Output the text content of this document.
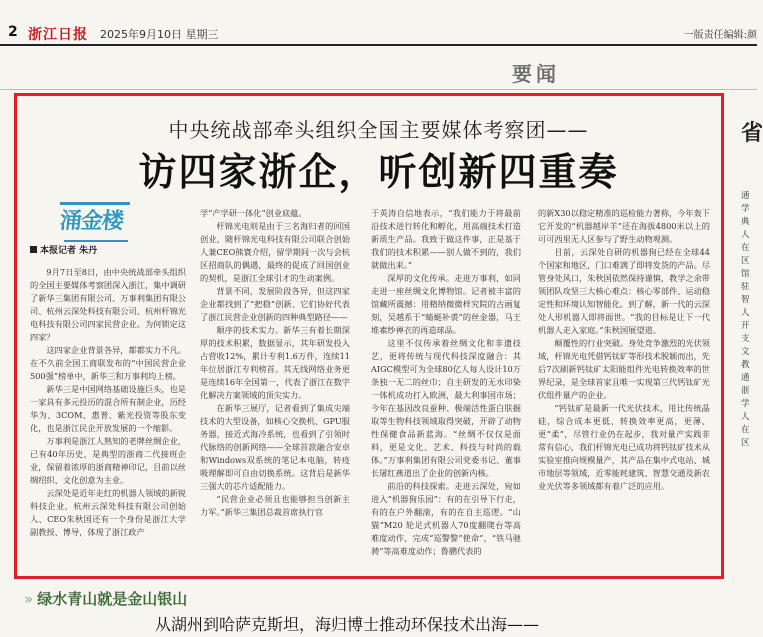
2 浙江日报 2025年9月10日 星期三	一版责任编辑:颜
要闻
中央统战部牵头组织全国主要媒体考察团——
访四家浙企，听创新四重奏
涌金楼
本报记者 朱丹

9月7日至8日，由中央统战部牵头组织的全国主要媒体考察团深入浙江，集中调研了新华三集团有限公司、万事利集团有限公司、杭州云深处科技有限公司、杭州杆锦光电科技有限公司四家民营企业。为何锁定这四家？

这四家企业背景各异，都都实力不凡。在不久前全国工商联发布的“中国民营企业500强”榜单中，新华三和万事利均上榜。

新华三是中国网络基础设施巨头，也是一家具有多元投历的混合所有制企业，历经华为、3COM、惠普、紫光投资等股东变化，也是浙江民企开放发展的一个缩影。

万事利是浙江人熟知的老牌丝绸企业，已有40年历史，是典型的浙商二代接班企业，保留着浓厚的浙商精神印记，目前以丝绸绍织、文化创意为主业。

云深处是近年走红的机器人领域的新锐科技企业，杭州云深处科技有限公司创始人、CEO朱秋国还有一个身份是浙江大学副教授、博导，体现了浙江政产

学“产学研一体化”创业底蕴。

杆锦光电则是由于三名海归者的回国创业，随杆锦光电科技有限公司联合创始人兼CEO熊寰介绍，留学期间一次与会杭区招商队的偶遇，最终的促成了回国创业的契机，是浙江全球引才的生动案例。

背景不同，发展阶段各异，但这四家企业都找到了“把稳”创新、它们协好代表了浙江民营企业创新的四种典型路径——

顺序的技术实力。新华三有着长期深厚的技术积累，数据显示，其年研发投入占营收12%，累计专利1.6万件，连续11年位居浙江专利榜首。其无线网络业务更是连续16年全国第一，代表了浙江在数字化解决方案领域的顶尖实力。

在新华三展厅，记者看到了集成尖端技术的大型设备，如核心交换机、GPU服务器，接近式海冷系统，也看到了引领时代脉络的创新网络——全球首款融合安卓和Windows双系统的笔记本电脑，转疫吸理解即可自由切换系统。这背后是新华三强大的芯片适配能力。

“民营企业必须且也能够担当创新主力军。”新华三集团总裁首席执行官

于英涛自信地表示，“我们能力于将最前沿技术进行转化和孵化，用高端技术打造新质生产品。我致于做这件事，正是基于我们的技术积累——别人做不到的，我们就做出来。”

深厚的文化传承。走进万事利，如同走进一座丝绸文化博物馆。记者被丰富的馆藏所震撼：用精纳微微样究院的古画复刻，吴越系于“蜻蜓补裘”的丝金器，马王堆素纱禅衣的再造球品。

这里不仅传承着丝绸文化和非遗技艺，更将传统与现代科技深度融合：其AIGC模型可为全球80亿人每人设计10万条独一无二的丝巾；自主研发的无水印染一体机成功打入欧洲，最大利事国市场；今年在基因改良蚕种、极端活性蛋白肤掘取等生物科技领域取得突破，开辟了动物性保健食品新蓝海。“丝绸不仅仅是面料，更是文化、艺术、科技与时尚的载体。”万事利集团有限公司党委书记、董事长屠红燕道出了企业的创新内核。

前沿的科技探索。走进云深处，宛如进入“机器狗乐园”：有的在引导下行走，有的在户外翻滚，有的在自主巡逻。“山猫”M20 轮足式机器人70度翻爬台等高难度动作，完成“巡警警”使命”，“铁马驰骋”等高难度动作；鲁鹏代表的

的新X30以稳定精准的巡检能力著称，今年轰下它开发的“机器越岸羊”还在海拔4800米以上的可可西里无人区参与了野生动物观测。

目前，云深处自研的机器狗已经在全球44个国家和地区，门口难满了即将发货的产品。尽管身处风口，朱秋国依然保持谨慎，教学之余带领团队攻坚三大核心难点：核心零部件、运动稳定性和环境认知智能化。到了解，新一代的云深处人形机器人即将面世。“我的目标是让下一代机器人走入家庭。”朱秋国展望道。

颠覆性的行业突破。身处竞争激烈的光伏领域，杆锦光电凭借钙钛矿等形技术脱颖而出，先后7次刷新钙钛矿太阳能组件光电转换效率的世界纪录，是全球首家且唯一实现第三代钙钛矿光伏组件量产的企业。

“钙钛矿是最新一代光伏技术，用比传统晶硅，综合成本更低、转换效率更高，更薄、更“柔”，尽管行业仍在起步，我对量产实践非常有信心，我们杆锦光电已成功将钙钛矿技术从实验室推向规模量产，其产品在集中式电站、城市地层等领域，近零能耗建筑、智慧交通及新农业光伏等多领域都有着广泛的应用。

省
通学典人在区馆驻智人开支文教通浙学人在区
» 绿水青山就是金山银山
从湖州到哈萨克斯坦，海归博士推动环保技术出海——
